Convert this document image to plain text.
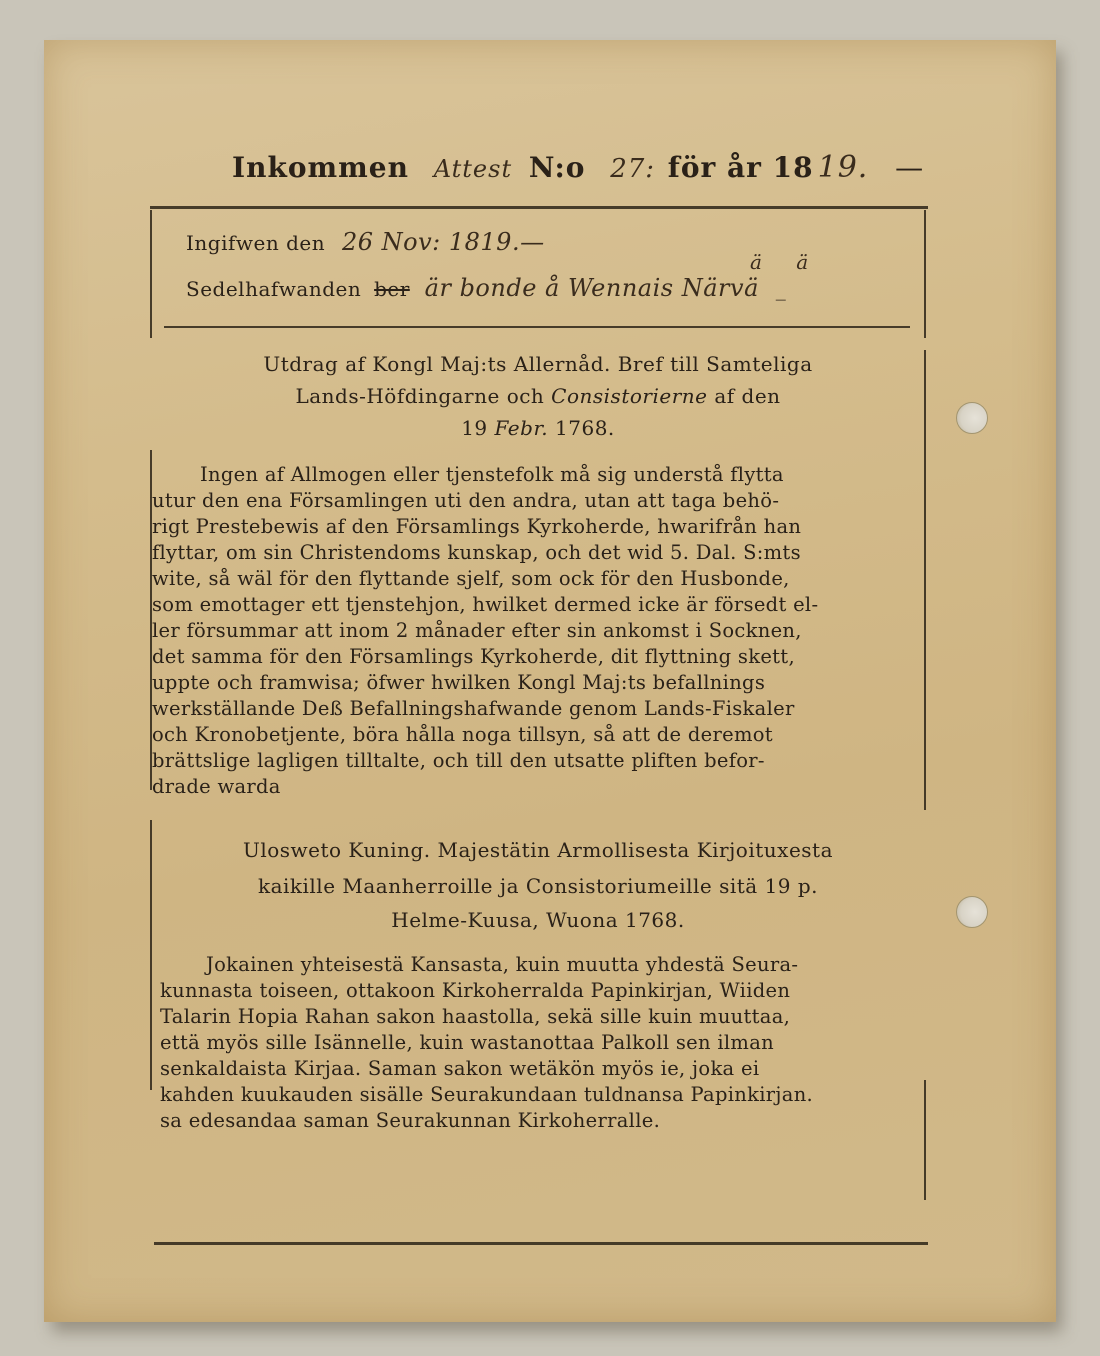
Inkommen Attest N:o 27: för år 18 19. —
Ingifwen den 26 Nov: 1819.—
Sedelhafwanden ber är bonde å Wennais Närvä _
ä ä
Utdrag af Kongl Maj:ts Allernåd. Bref till Samteliga
Lands-Höfdingarne och Consistorierne af den
19 Febr. 1768.
Ingen af Allmogen eller tjenstefolk må sig understå flytta
utur den ena Församlingen uti den andra, utan att taga behö-
rigt Prestebewis af den Församlings Kyrkoherde, hwarifrån han
flyttar, om sin Christendoms kunskap, och det wid 5. Dal. S:mts
wite, så wäl för den flyttande sjelf, som ock för den Husbonde,
som emottager ett tjenstehjon, hwilket dermed icke är försedt el-
ler försummar att inom 2 månader efter sin ankomst i Socknen,
det samma för den Församlings Kyrkoherde, dit flyttning skett,
uppte och framwisa; öfwer hwilken Kongl Maj:ts befallnings
werkställande Deß Befallningshafwande genom Lands-Fiskaler
och Kronobetjente, böra hålla noga tillsyn, så att de deremot
brättslige lagligen tilltalte, och till den utsatte pliften befor-
drade warda
Ulosweto Kuning. Majestätin Armollisesta Kirjoituxesta
kaikille Maanherroille ja Consistoriumeille sitä 19 p.
Helme-Kuusa, Wuona 1768.
Jokainen yhteisestä Kansasta, kuin muutta yhdestä Seura-
kunnasta toiseen, ottakoon Kirkoherralda Papinkirjan, Wiiden
Talarin Hopia Rahan sakon haastolla, sekä sille kuin muuttaa,
että myös sille Isännelle, kuin wastanottaa Palkoll sen ilman
senkaldaista Kirjaa. Saman sakon wetäkön myös ie, joka ei
kahden kuukauden sisälle Seurakundaan tuldnansa Papinkirjan.
sa edesandaa saman Seurakunnan Kirkoherralle.
